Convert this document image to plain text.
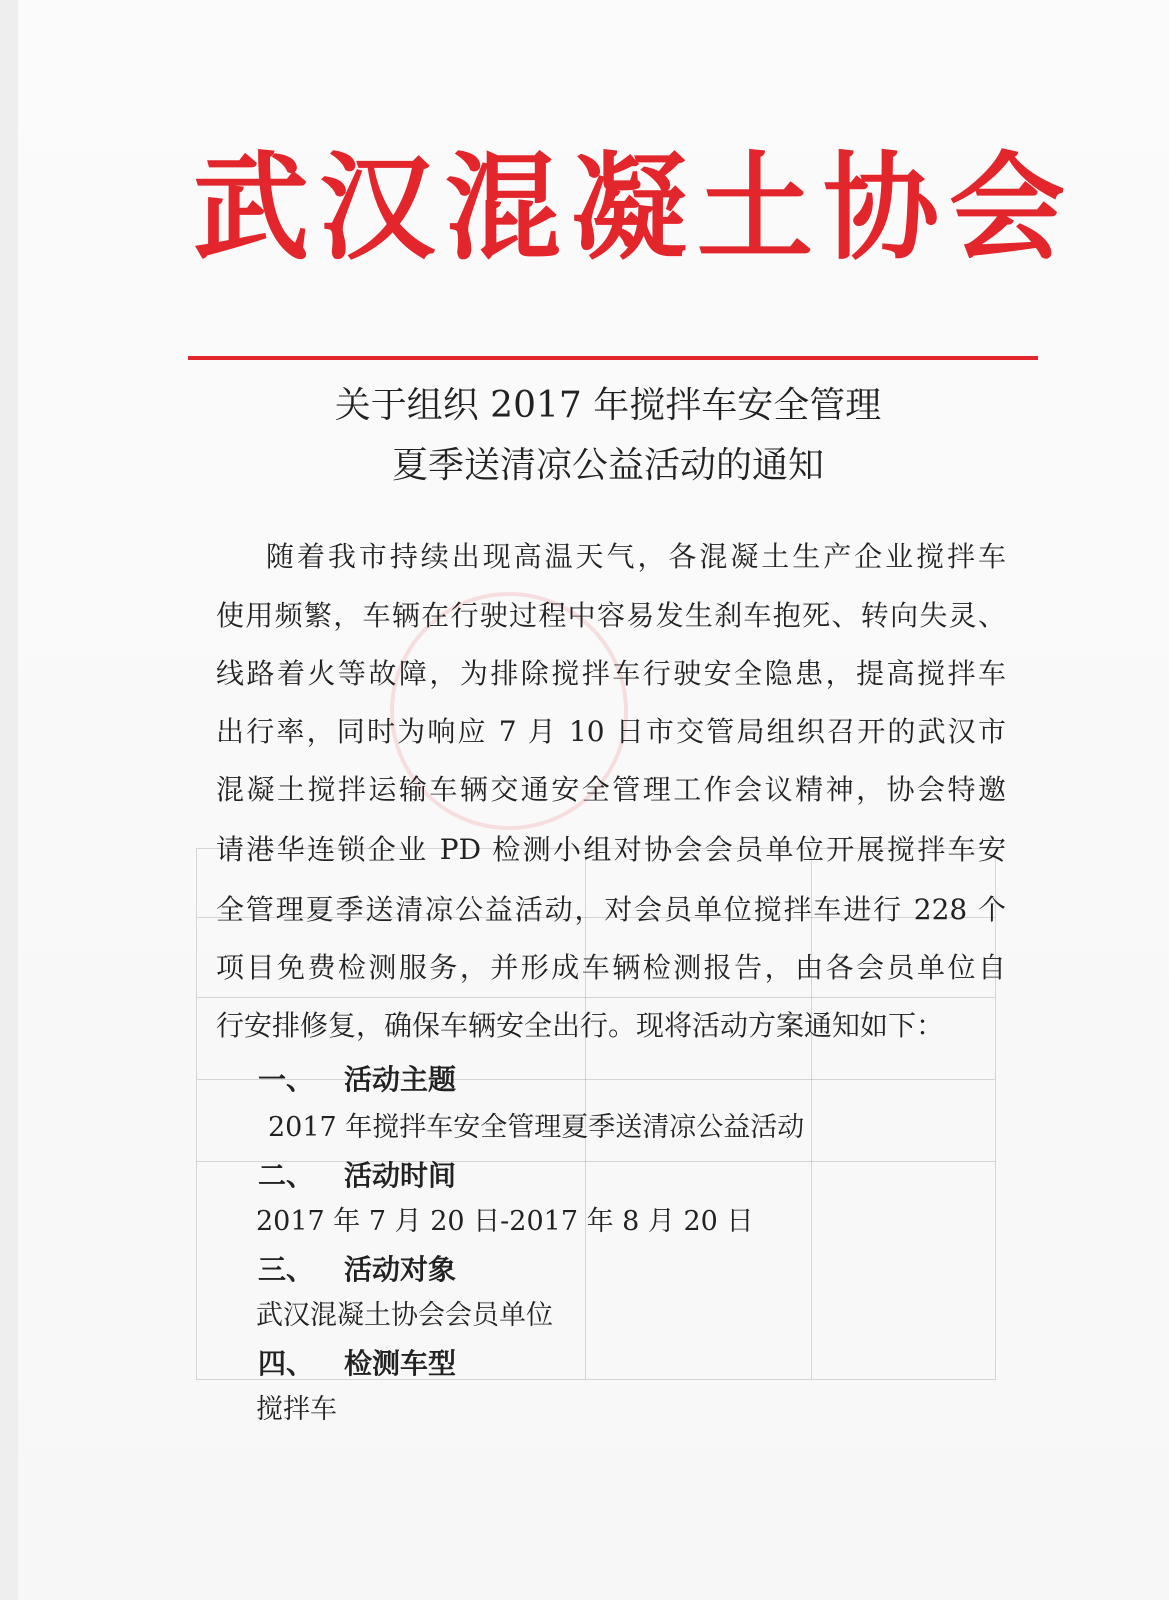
武汉混凝土协会
关于组织 2017 年搅拌车安全管理
夏季送清凉公益活动的通知
随着我市持续出现高温天气，各混凝土生产企业搅拌车
使用频繁，车辆在行驶过程中容易发生刹车抱死、转向失灵、
线路着火等故障，为排除搅拌车行驶安全隐患，提高搅拌车
出行率，同时为响应 7 月 10 日市交管局组织召开的武汉市
混凝土搅拌运输车辆交通安全管理工作会议精神，协会特邀
请港华连锁企业 PD 检测小组对协会会员单位开展搅拌车安
全管理夏季送清凉公益活动，对会员单位搅拌车进行 228 个
项目免费检测服务，并形成车辆检测报告，由各会员单位自
行安排修复，确保车辆安全出行。现将活动方案通知如下：
一、 活动主题
2017 年搅拌车安全管理夏季送清凉公益活动
二、 活动时间
2017 年 7 月 20 日-2017 年 8 月 20 日
三、 活动对象
武汉混凝土协会会员单位
四、 检测车型
搅拌车
